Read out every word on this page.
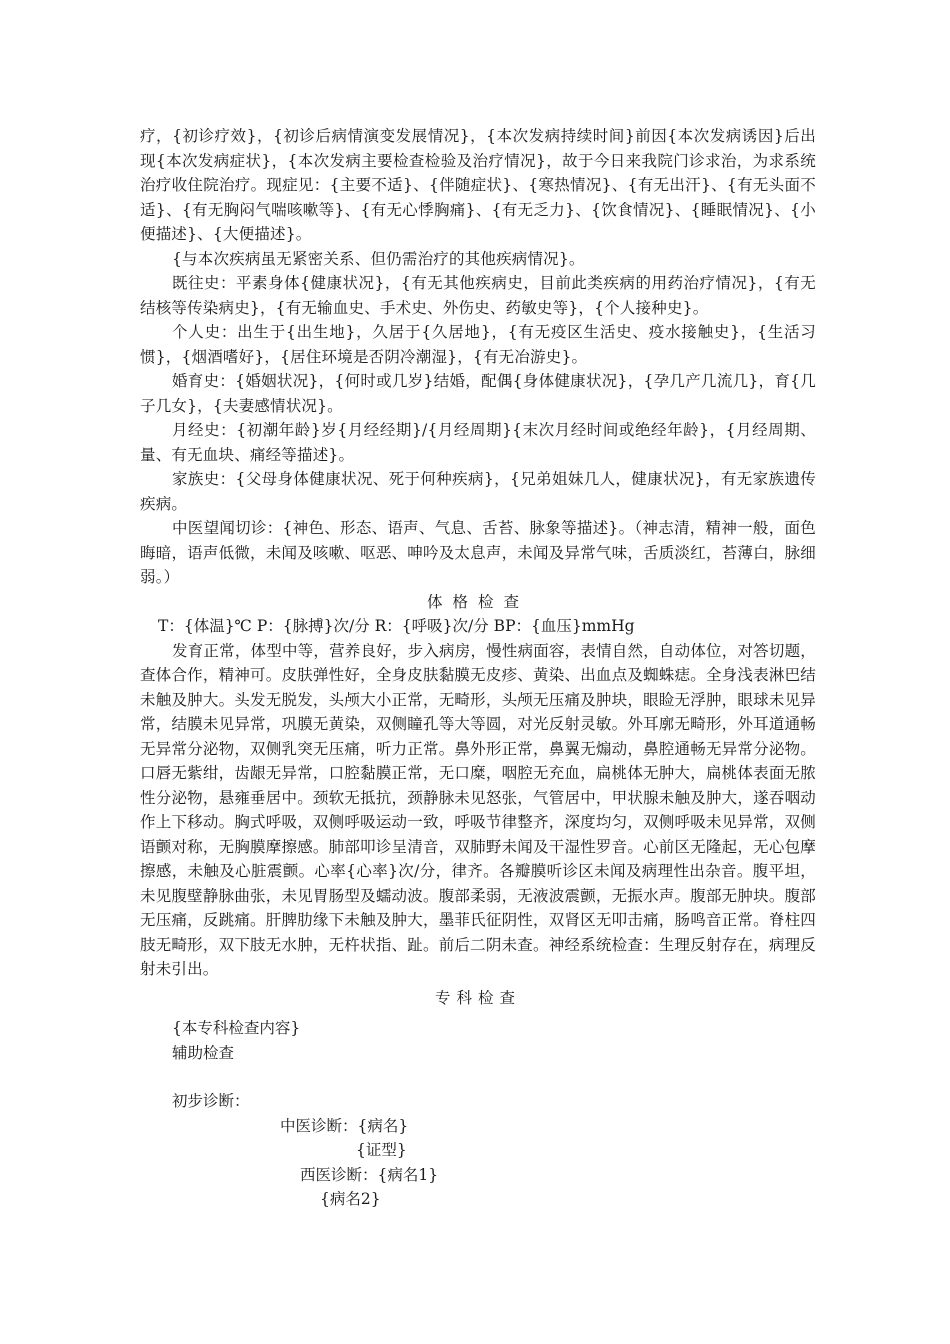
疗，{初诊疗效}，{初诊后病情演变发展情况}，{本次发病持续时间}前因{本次发病诱因}后出现{本次发病症状}，{本次发病主要检查检验及治疗情况}，故于今日来我院门诊求治，为求系统治疗收住院治疗。现症见：{主要不适}、{伴随症状}、{寒热情况}、{有无出汗}、{有无头面不适}、{有无胸闷气喘咳嗽等}、{有无心悸胸痛}、{有无乏力}、{饮食情况}、{睡眠情况}、{小便描述}、{大便描述}。

{与本次疾病虽无紧密关系、但仍需治疗的其他疾病情况}。

既往史：平素身体{健康状况}，{有无其他疾病史，目前此类疾病的用药治疗情况}，{有无结核等传染病史}，{有无输血史、手术史、外伤史、药敏史等}，{个人接种史}。

个人史：出生于{出生地}，久居于{久居地}，{有无疫区生活史、疫水接触史}，{生活习惯}，{烟酒嗜好}，{居住环境是否阴冷潮湿}，{有无冶游史}。

婚育史：{婚姻状况}，{何时或几岁}结婚，配偶{身体健康状况}，{孕几产几流几}，育{几子几女}，{夫妻感情状况}。

月经史：{初潮年龄}岁{月经经期}/{月经周期}{末次月经时间或绝经年龄}，{月经周期、量、有无血块、痛经等描述}。

家族史：{父母身体健康状况、死于何种疾病}，{兄弟姐妹几人，健康状况}，有无家族遗传疾病。

中医望闻切诊：{神色、形态、语声、气息、舌苔、脉象等描述}。（神志清，精神一般，面色晦暗，语声低微，未闻及咳嗽、呕恶、呻吟及太息声，未闻及异常气味，舌质淡红，苔薄白，脉细弱。）

体格检查

T：{体温}℃ P：{脉搏}次/分 R：{呼吸}次/分 BP：{血压}mmHg

发育正常，体型中等，营养良好，步入病房，慢性病面容，表情自然，自动体位，对答切题，查体合作，精神可。皮肤弹性好，全身皮肤黏膜无皮疹、黄染、出血点及蜘蛛痣。全身浅表淋巴结未触及肿大。头发无脱发，头颅大小正常，无畸形，头颅无压痛及肿块，眼睑无浮肿，眼球未见异常，结膜未见异常，巩膜无黄染，双侧瞳孔等大等圆，对光反射灵敏。外耳廓无畸形，外耳道通畅无异常分泌物，双侧乳突无压痛，听力正常。鼻外形正常，鼻翼无煽动，鼻腔通畅无异常分泌物。口唇无紫绀，齿龈无异常，口腔黏膜正常，无口糜，咽腔无充血，扁桃体无肿大，扁桃体表面无脓性分泌物，悬雍垂居中。颈软无抵抗，颈静脉未见怒张，气管居中，甲状腺未触及肿大，遂吞咽动作上下移动。胸式呼吸，双侧呼吸运动一致，呼吸节律整齐，深度均匀，双侧呼吸未见异常，双侧语颤对称，无胸膜摩擦感。肺部叩诊呈清音，双肺野未闻及干湿性罗音。心前区无隆起，无心包摩擦感，未触及心脏震颤。心率{心率}次/分，律齐。各瓣膜听诊区未闻及病理性出杂音。腹平坦，未见腹壁静脉曲张，未见胃肠型及蠕动波。腹部柔弱，无液波震颤，无振水声。腹部无肿块。腹部无压痛，反跳痛。肝脾肋缘下未触及肿大，墨菲氏征阴性，双肾区无叩击痛，肠鸣音正常。脊柱四肢无畸形，双下肢无水肿，无杵状指、趾。前后二阴未查。神经系统检查：生理反射存在，病理反射未引出。

专科检查

{本专科检查内容}

辅助检查

初步诊断：

中医诊断：{病名}

{证型}

西医诊断：{病名1}

{病名2}
